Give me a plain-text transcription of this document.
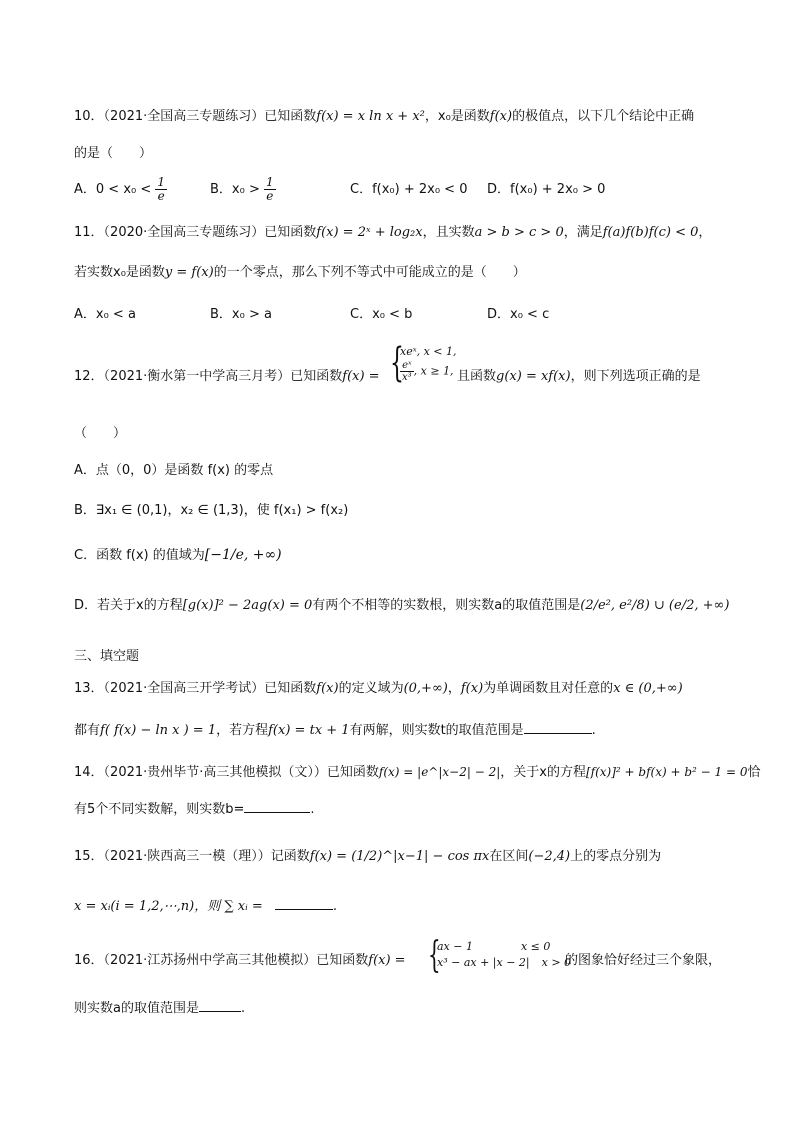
10．（2021·全国高三专题练习）已知函数f(x) = x ln x + x²，x₀是函数f(x)的极值点，以下几个结论中正确
的是（　　）
A．$0 < x_0 < \frac{1}{e}$	B．$x_0 > \frac{1}{e}$	C．f(x₀) + 2x₀ < 0 D．f(x₀) + 2x₀ > 0
11．（2020·全国高三专题练习）已知函数f(x) = 2ˣ + log₂x，且实数a > b > c > 0，满足f(a)f(b)f(c) < 0，
若实数x₀是函数y = f(x)的一个零点，那么下列不等式中可能成立的是（　　）
A．x₀ < a	B．x₀ > a	C．x₀ < b	D．x₀ < c
12．（2021·衡水第一中学高三月考）已知函数f(x) = {
xeˣ, x < 1,
$\frac{\text{eˣ}}{\text{x³}}$ , x ≥ 1, 且函数g(x) = xf(x)，则下列选项正确的是
（　　）
A．点（0，0）是函数 f(x) 的零点
B．∃x₁ ∈ (0,1)，x₂ ∈ (1,3)，使 f(x₁) > f(x₂)
C．函数 f(x) 的值域为[−1/e, +∞)
D．若关于x的方程[g(x)]² − 2ag(x) = 0有两个不相等的实数根，则实数a的取值范围是(2/e², e²/8) ∪ (e/2, +∞)
三、填空题
13．（2021·全国高三开学考试）已知函数f(x)的定义域为(0,+∞)，f(x)为单调函数且对任意的x ∈ (0,+∞)
都有f( f(x) − ln x ) = 1，若方程f(x) = tx + 1有两解，则实数t的取值范围是	.
14．（2021·贵州毕节·高三其他模拟（文））已知函数f(x) = |e^|x−2| − 2|，关于x的方程[f(x)]² + bf(x) + b² − 1 = 0恰
有5个不同实数解，则实数b=	.
15．（2021·陕西高三一模（理））记函数f(x) = (1/2)^|x−1| − cos πx在区间(−2,4)上的零点分别为
x = xᵢ(i = 1,2,⋯,n)，则 ∑ xᵢ =	.
16．（2021·江苏扬州中学高三其他模拟）已知函数f(x) = {
ax − 1	x ≤ 0
x³ − ax + |x − 2| x > 0
的图象恰好经过三个象限，
则实数a的取值范围是	.
